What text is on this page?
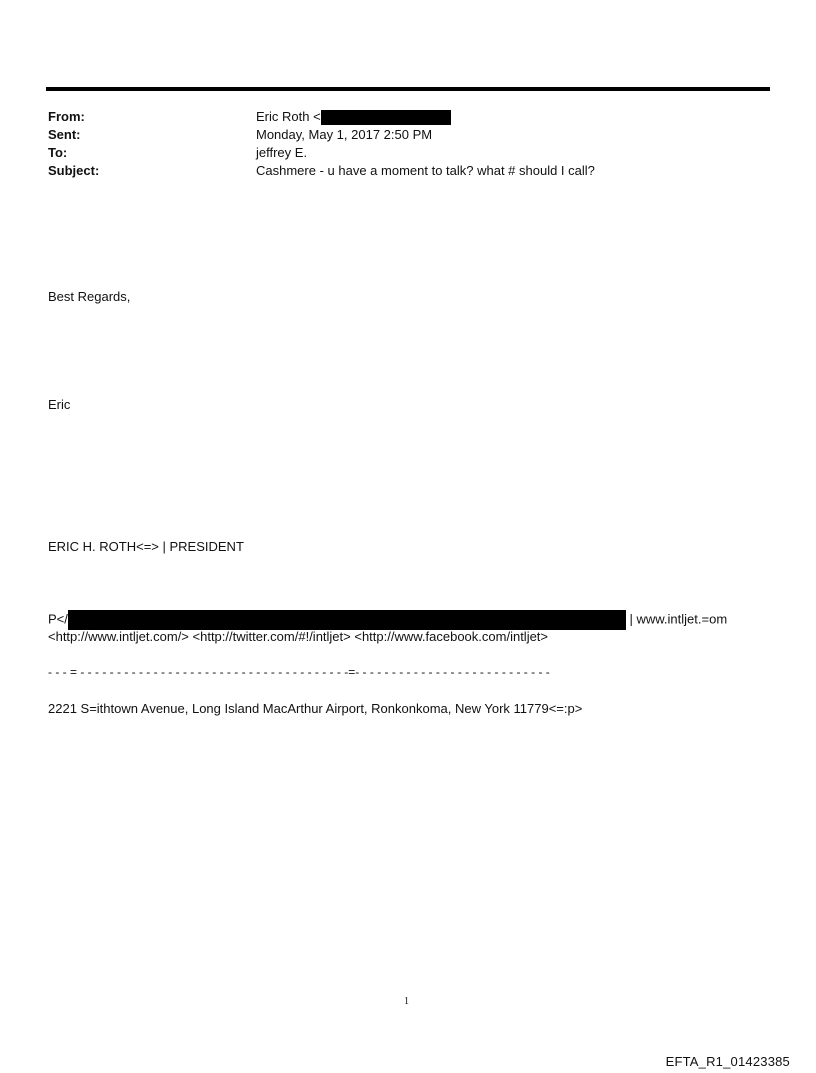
From:	Eric Roth <
Sent:	Monday, May 1, 2017 2:50 PM
To:	jeffrey E.
Subject:	Cashmere - u have a moment to talk? what # should I call?
Best Regards,
Eric
ERIC H. ROTH<=> | PRESIDENT
P</	| www.intljet.=om
<http://www.intljet.com/> <http://twitter.com/#!/intljet> <http://www.facebook.com/intljet>
- - - = - - - - - - - - - - - - - - - - - - - - - - - - - - - - - - - - - - - - -=- - - - - - - - - - - - - - - - - - - - - - - - - - -
2221 S=ithtown Avenue, Long Island MacArthur Airport, Ronkonkoma, New York 11779<=:p>
1
EFTA_R1_01423385
